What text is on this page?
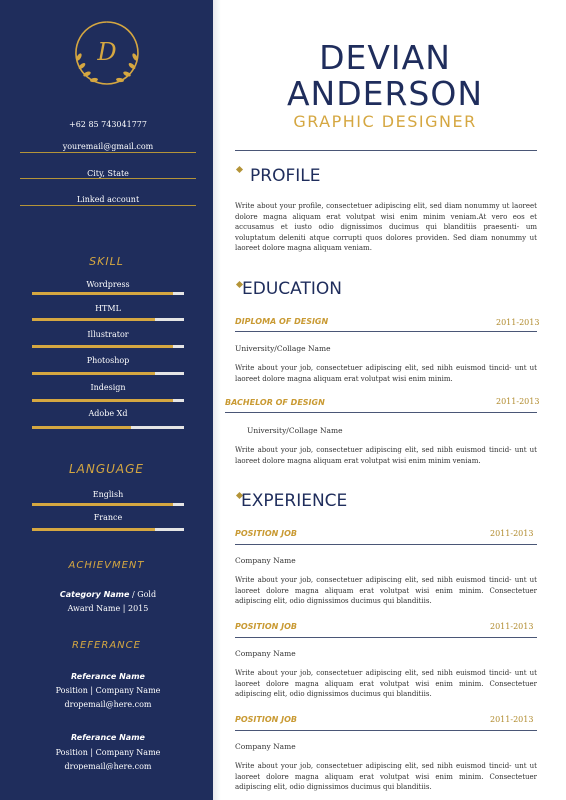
D
+62 85 743041777
youremail@gmail.com
City, State
Linked account
SKILL
Wordpress
HTML
Illustrator
Photoshop
Indesign
Adobe Xd
LANGUAGE
English
France
ACHIEVMENT
Category Name / Gold
Award Name | 2015
REFERANCE
Referance Name
Position | Company Name
dropemail@here.com
Referance Name
Position | Company Name
dropemail@here.com
DEVIAN
ANDERSON
GRAPHIC DESIGNER
PROFILE
Write about your profile, consectetuer adipiscing elit, sed diam nonummy ut laoreet dolore magna aliquam erat volutpat wisi enim minim veniam.At vero eos et accusamus et iusto odio dignissimos ducimus qui blanditiis praesenti- um voluptatum deleniti atque corrupti quos dolores providen. Sed diam nonummy ut laoreet dolore magna aliquam veniam.
EDUCATION
DIPLOMA OF DESIGN	2011-2013
University/Collage Name
Write about your job, consectetuer adipiscing elit, sed nibh euismod tincid- unt ut laoreet dolore magna aliquam erat volutpat wisi enim minim.
BACHELOR OF DESIGN	2011-2013
University/Collage Name
Write about your job, consectetuer adipiscing elit, sed nibh euismod tincid- unt ut laoreet dolore magna aliquam erat volutpat wisi enim minim veniam.
EXPERIENCE
POSITION JOB	2011-2013
Company Name
Write about your job, consectetuer adipiscing elit, sed nibh euismod tincid- unt ut laoreet dolore magna aliquam erat volutpat wisi enim minim. Consectetuer adipiscing elit, odio dignissimos ducimus qui blanditiis.
POSITION JOB	2011-2013
Company Name
Write about your job, consectetuer adipiscing elit, sed nibh euismod tincid- unt ut laoreet dolore magna aliquam erat volutpat wisi enim minim. Consectetuer adipiscing elit, odio dignissimos ducimus qui blanditiis.
POSITION JOB	2011-2013
Company Name
Write about your job, consectetuer adipiscing elit, sed nibh euismod tincid- unt ut laoreet dolore magna aliquam erat volutpat wisi enim minim. Consectetuer adipiscing elit, odio dignissimos ducimus qui blanditiis.
